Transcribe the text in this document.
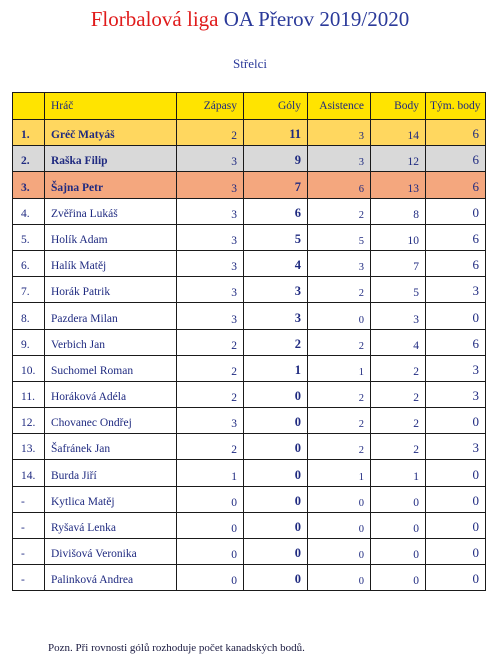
Florbalová liga OA Přerov 2019/2020
Střelci
	Hráč	Zápasy	Góly	Asistence	Body	Tým. body
1.	Gréč Matyáš	2	11	3	14	6
2.	Raška Filip	3	9	3	12	6
3.	Šajna Petr	3	7	6	13	6
4.	Zvěřina Lukáš	3	6	2	8	0
5.	Holík Adam	3	5	5	10	6
6.	Halík Matěj	3	4	3	7	6
7.	Horák Patrik	3	3	2	5	3
8.	Pazdera Milan	3	3	0	3	0
9.	Verbich Jan	2	2	2	4	6
10.	Suchomel Roman	2	1	1	2	3
11.	Horáková Adéla	2	0	2	2	3
12.	Chovanec Ondřej	3	0	2	2	0
13.	Šafránek Jan	2	0	2	2	3
14.	Burda Jiří	1	0	1	1	0
-	Kytlica Matěj	0	0	0	0	0
-	Ryšavá Lenka	0	0	0	0	0
-	Divišová Veronika	0	0	0	0	0
-	Palinková Andrea	0	0	0	0	0
Pozn. Při rovnosti gólů rozhoduje počet kanadských bodů.
